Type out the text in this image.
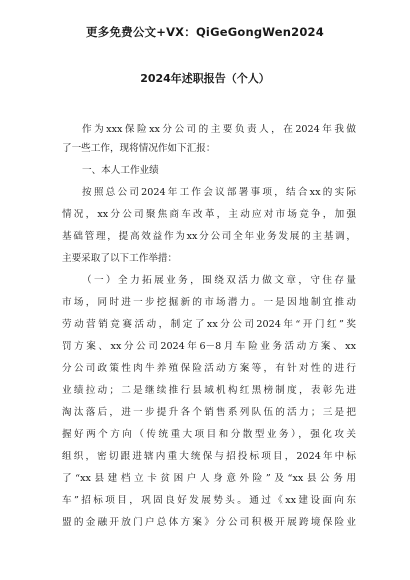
更多免费公文+VX：QiGeGongWen2024
2024年述职报告（个人）
作为xxx保险xx分公司的主要负责人，在2024年我做
了一些工作，现将情况作如下汇报：
一、本人工作业绩
按照总公司2024年工作会议部署事项，结合xx的实际
情况，xx分公司聚焦商车改革，主动应对市场竞争，加强
基础管理，提高效益作为xx分公司全年业务发展的主基调，
主要采取了以下工作举措：
（一）全力拓展业务，围绕双活力做文章，守住存量
市场，同时进一步挖掘新的市场潜力。一是因地制宜推动
劳动营销竞赛活动，制定了xx分公司2024年“开门红”奖
罚方案、xx分公司2024年6－8月车险业务活动方案、xx
分公司政策性肉牛养殖保险活动方案等，有针对性的进行
业绩拉动；二是继续推行县域机构红黑榜制度，表彰先进
淘汰落后，进一步提升各个销售系列队伍的活力；三是把
握好两个方向（传统重大项目和分散型业务），强化攻关
组织，密切跟进辖内重大统保与招投标项目，2024年中标
了“xx县建档立卡贫困户人身意外险”及“xx县公务用
车”招标项目，巩固良好发展势头。通过《xx建设面向东
盟的金融开放门户总体方案》分公司积极开展跨境保险业
